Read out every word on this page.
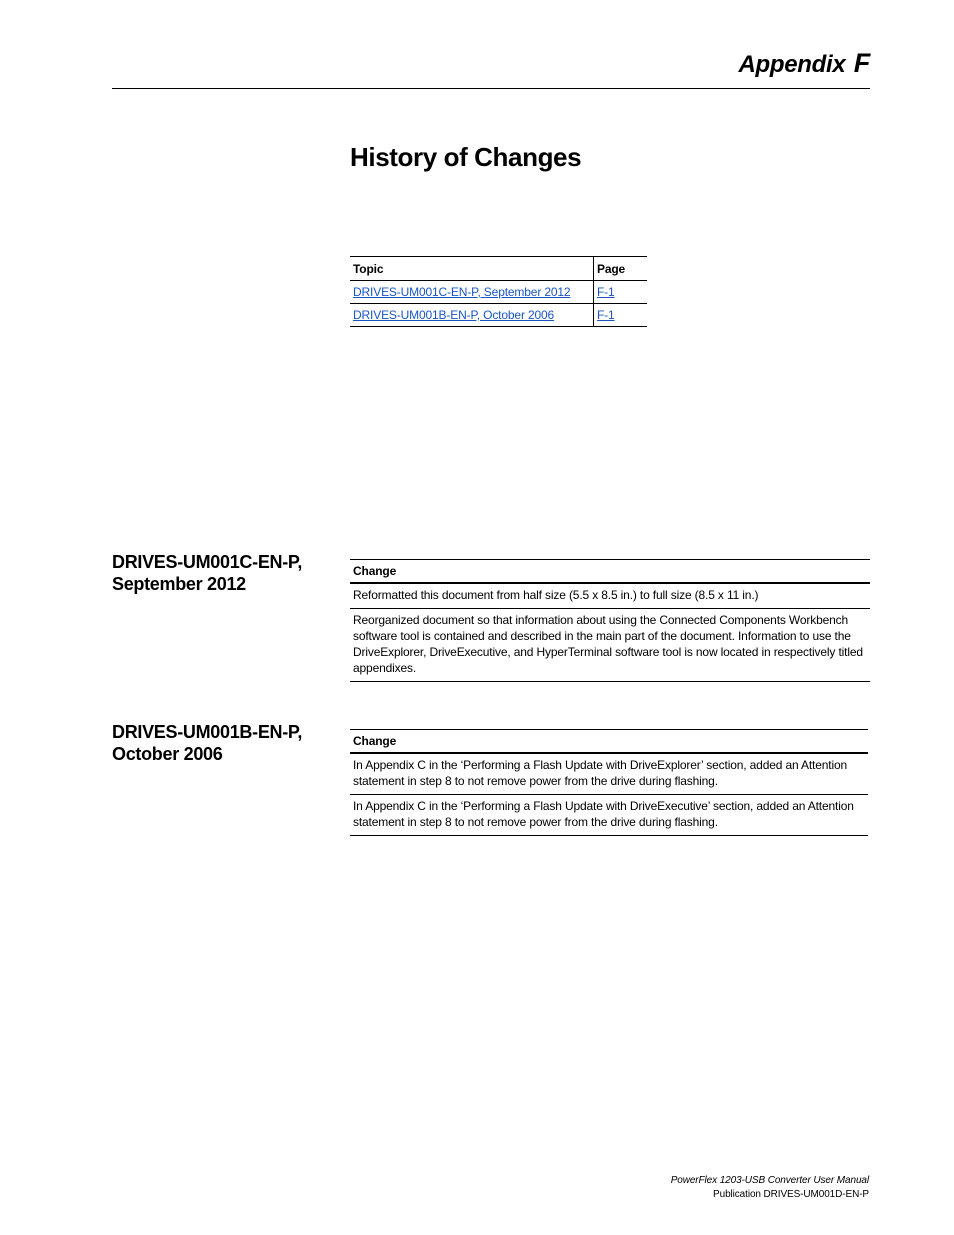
Appendix F
History of Changes
Topic	Page
DRIVES-UM001C-EN-P, September 2012	F-1
DRIVES-UM001B-EN-P, October 2006	F-1
DRIVES-UM001C-EN-P,
September 2012
Change
Reformatted this document from half size (5.5 x 8.5 in.) to full size (8.5 x 11 in.)
Reorganized document so that information about using the Connected Components Workbench software tool is contained and described in the main part of the document. Information to use the DriveExplorer, DriveExecutive, and HyperTerminal software tool is now located in respectively titled appendixes.
DRIVES-UM001B-EN-P,
October 2006
Change
In Appendix C in the ‘Performing a Flash Update with DriveExplorer’ section, added an Attention statement in step 8 to not remove power from the drive during flashing.
In Appendix C in the ‘Performing a Flash Update with DriveExecutive’ section, added an Attention statement in step 8 to not remove power from the drive during flashing.
PowerFlex 1203-USB Converter User Manual
Publication DRIVES-UM001D-EN-P
